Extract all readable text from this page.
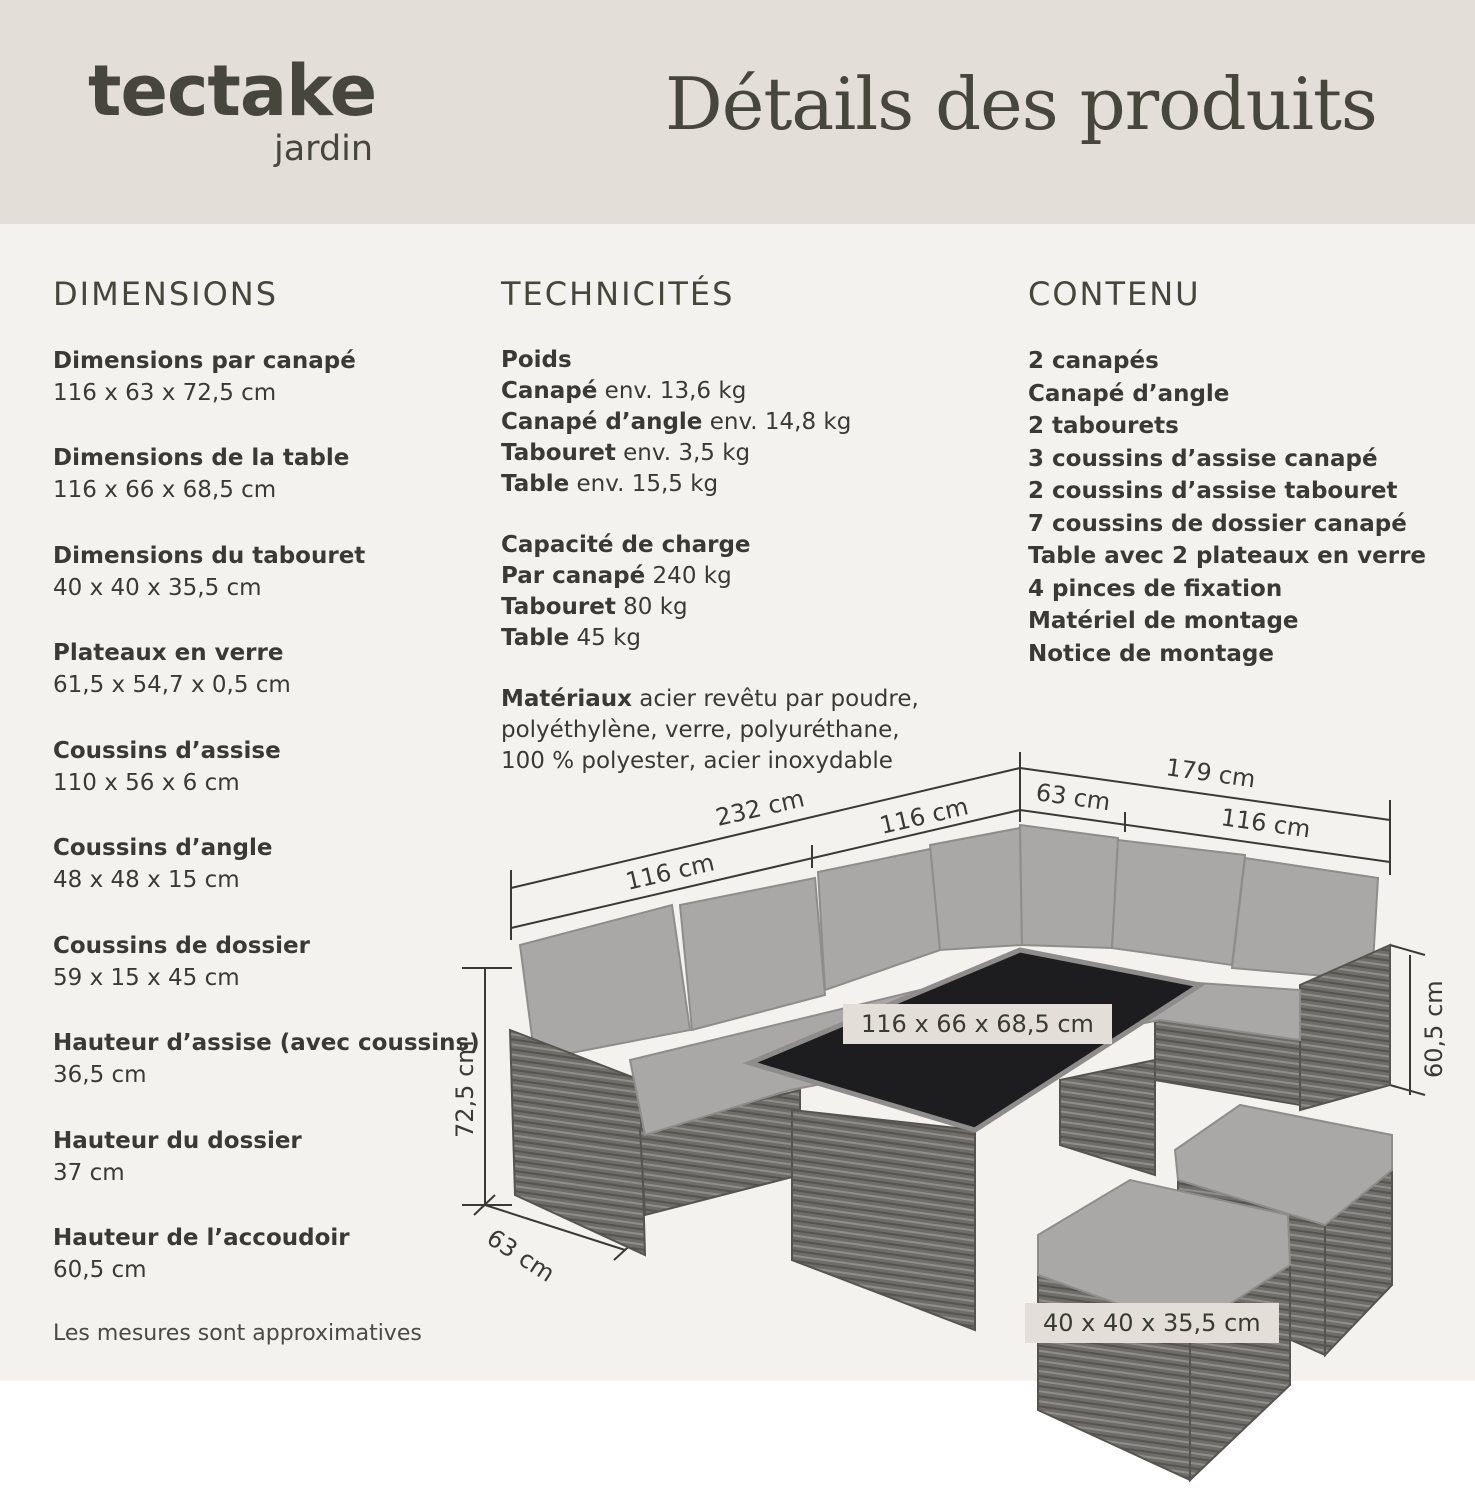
tectake
jardin
Détails des produits
DIMENSIONS	TECHNICITÉS	CONTENU
Dimensions par canapé
116 x 63 x 72,5 cm
Dimensions de la table
116 x 66 x 68,5 cm
Dimensions du tabouret
40 x 40 x 35,5 cm
Plateaux en verre
61,5 x 54,7 x 0,5 cm
Coussins d’assise
110 x 56 x 6 cm
Coussins d’angle
48 x 48 x 15 cm
Coussins de dossier
59 x 15 x 45 cm
Hauteur d’assise (avec coussins)
36,5 cm
Hauteur du dossier
37 cm
Hauteur de l’accoudoir
60,5 cm
Les mesures sont approximatives
Poids
Canapé env. 13,6 kg
Canapé d’angle env. 14,8 kg
Tabouret env. 3,5 kg
Table env. 15,5 kg
Capacité de charge
Par canapé 240 kg
Tabouret 80 kg
Table 45 kg
Matériaux acier revêtu par poudre,
polyéthylène, verre, polyuréthane,
100 % polyester, acier inoxydable
2 canapés
Canapé d’angle
2 tabourets
3 coussins d’assise canapé
2 coussins d’assise tabouret
7 coussins de dossier canapé
Table avec 2 plateaux en verre
4 pinces de fixation
Matériel de montage
Notice de montage
232 cm
116 cm
116 cm	63 cm
179 cm
116 cm
72,5 cm
63 cm
60,5 cm
116 x 66 x 68,5 cm
40 x 40 x 35,5 cm
